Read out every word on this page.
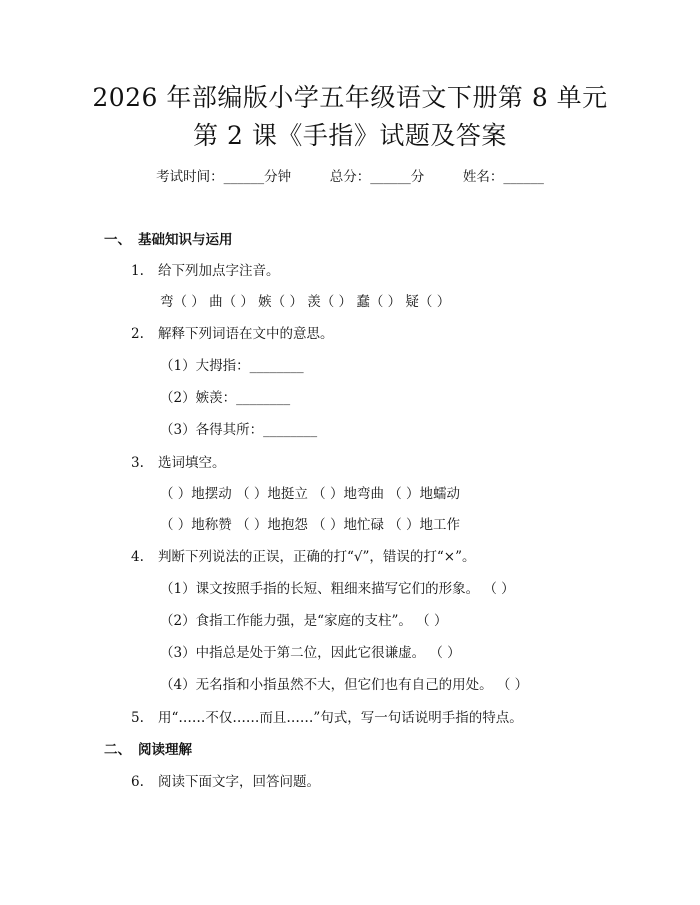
2026 年部编版小学五年级语文下册第 8 单元
第 2 课《手指》试题及答案
考试时间：______分钟	总分：______分	姓名：______
一、 基础知识与运用
1. 给下列加点字注音。
弯（ ） 曲（ ） 嫉（ ） 羡（ ） 蠢（ ） 疑（ ）
2. 解释下列词语在文中的意思。
（1）大拇指：________
（2）嫉羡：________
（3）各得其所：________
3. 选词填空。
（ ）地摆动 （ ）地挺立 （ ）地弯曲 （ ）地蠕动
（ ）地称赞 （ ）地抱怨 （ ）地忙碌 （ ）地工作
4. 判断下列说法的正误，正确的打“√”，错误的打“×”。
（1）课文按照手指的长短、粗细来描写它们的形象。 （ ）
（2）食指工作能力强，是“家庭的支柱”。 （ ）
（3）中指总是处于第二位，因此它很谦虚。 （ ）
（4）无名指和小指虽然不大，但它们也有自己的用处。 （ ）
5. 用“……不仅……而且……”句式，写一句话说明手指的特点。
二、 阅读理解
6. 阅读下面文字，回答问题。
